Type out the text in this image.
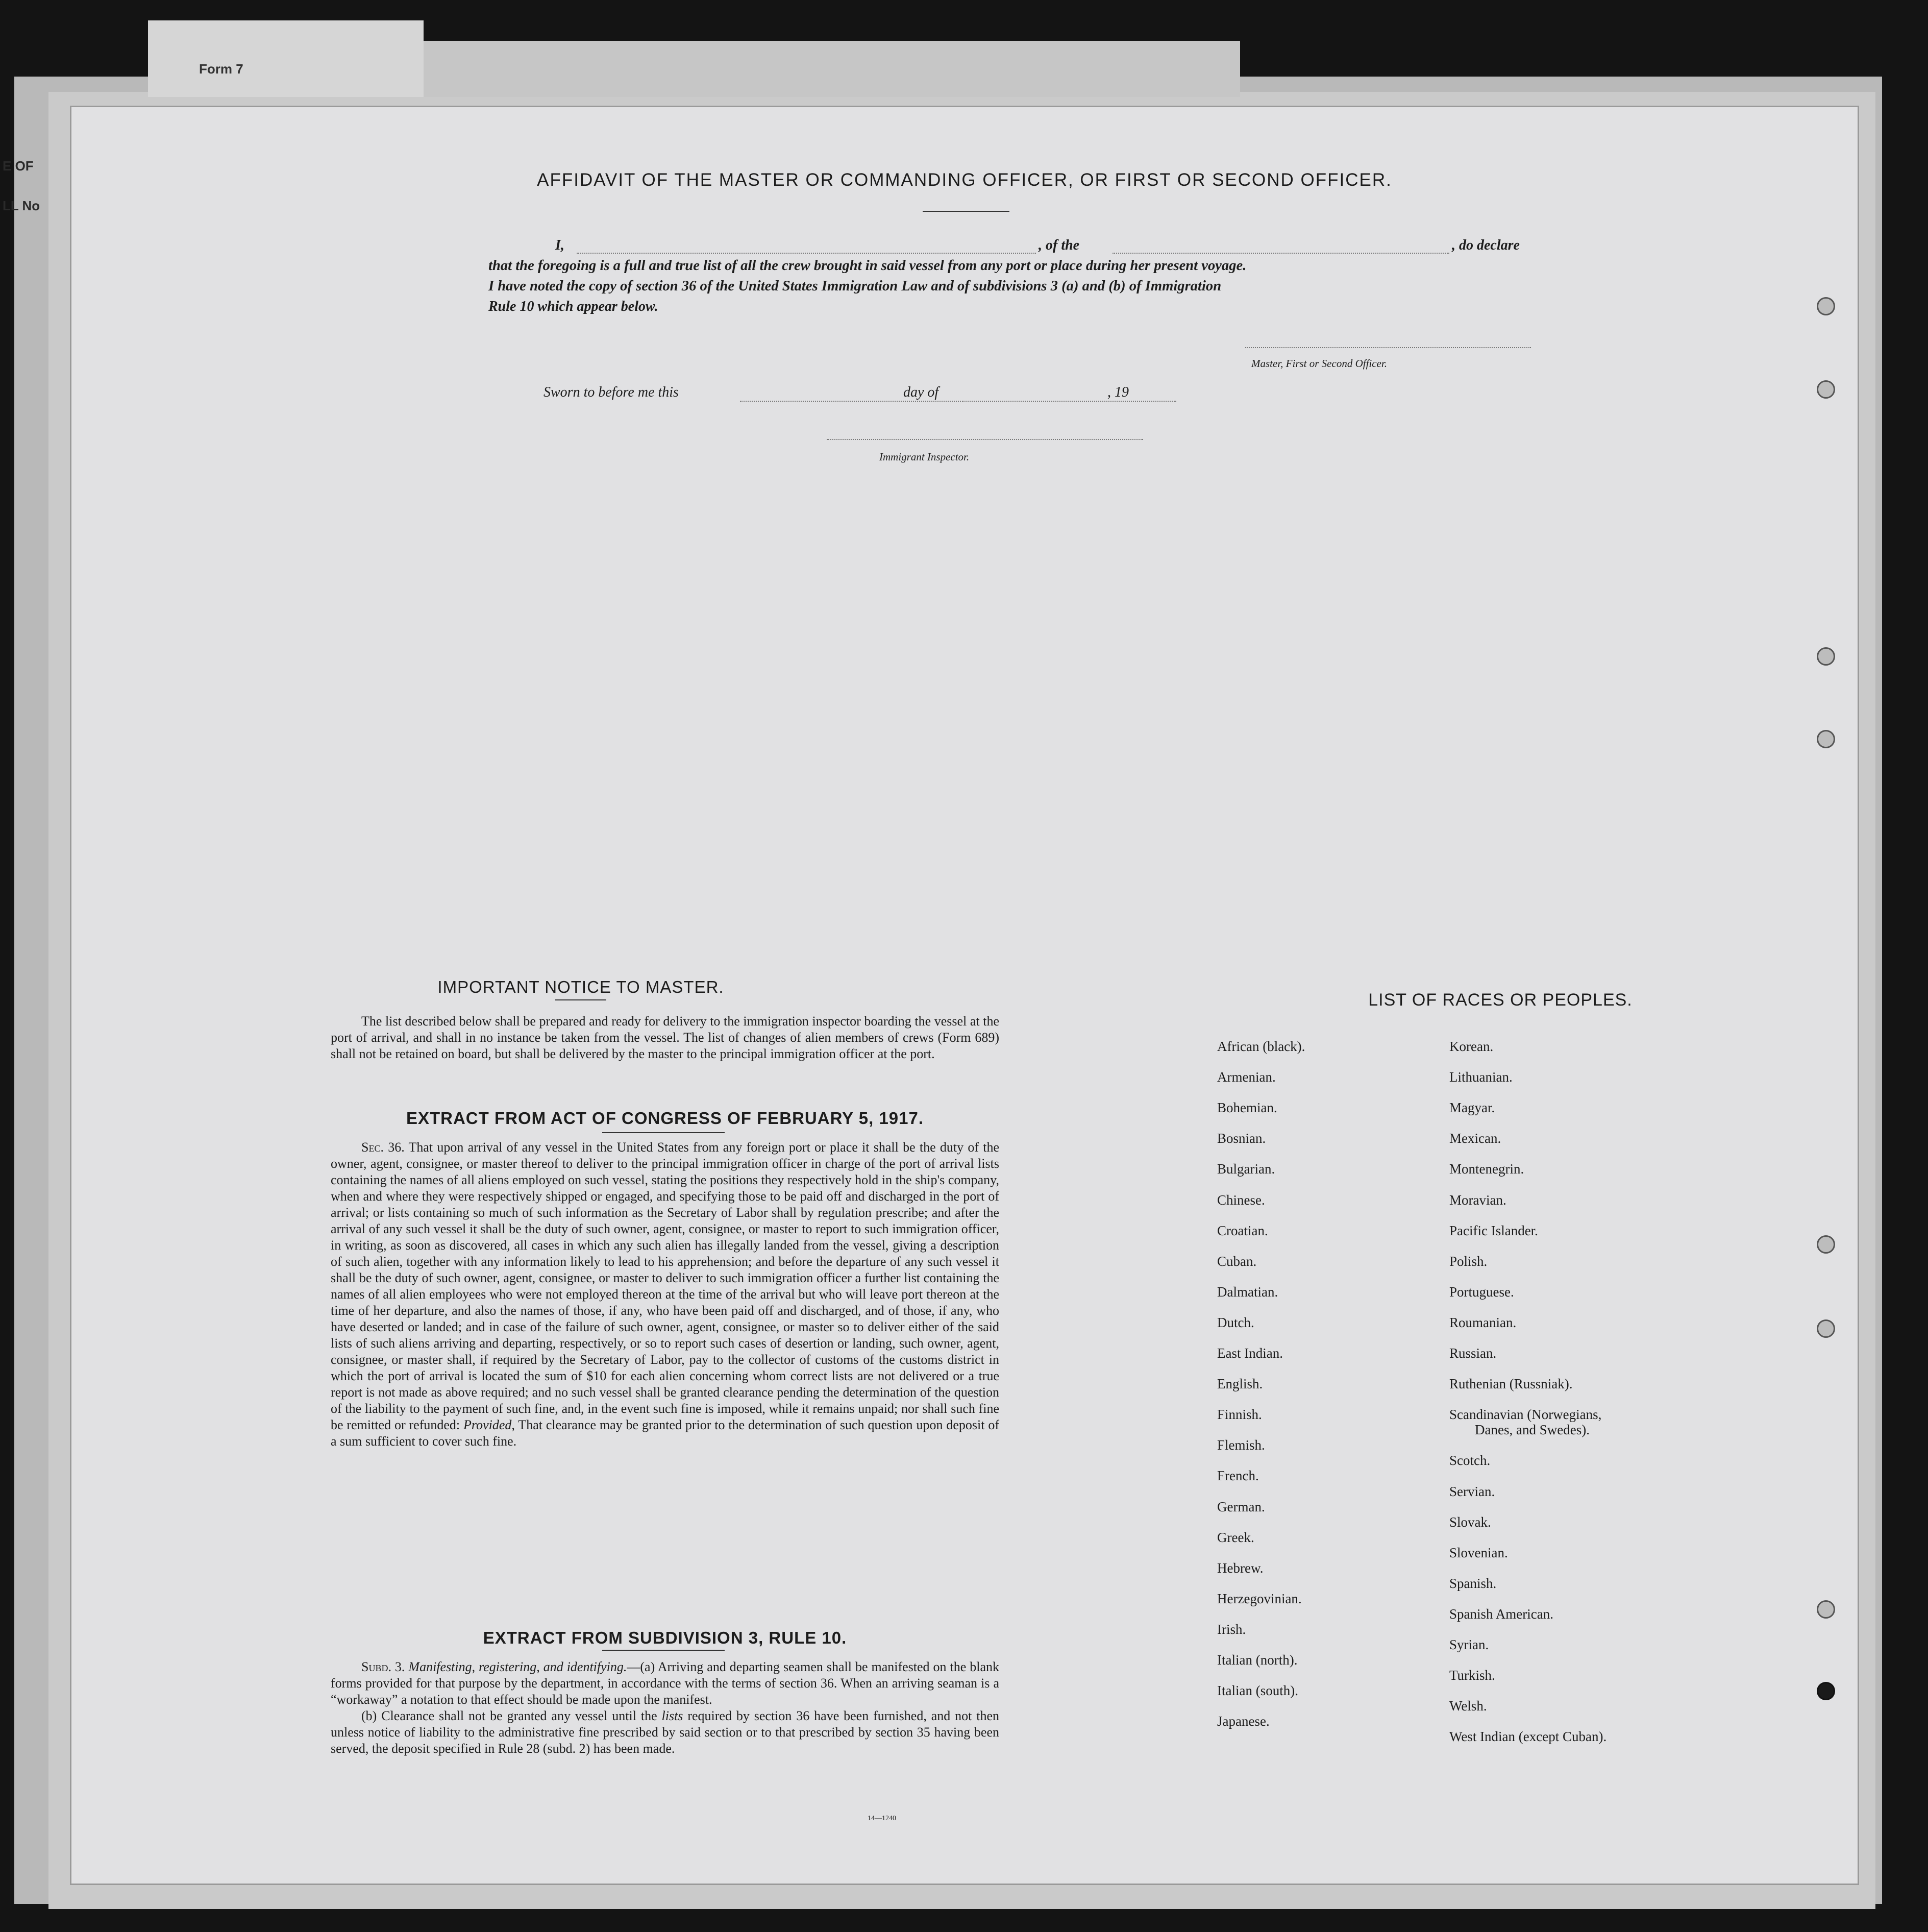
Form 7
E OF
LL No
AFFIDAVIT OF THE MASTER OR COMMANDING OFFICER, OR FIRST OR SECOND OFFICER.
I,	, of the	, do declare
that the foregoing is a full and true list of all the crew brought in said vessel from any port or place during her present voyage.
I have noted the copy of section 36 of the United States Immigration Law and of subdivisions 3 (a) and (b) of Immigration
Rule 10 which appear below.
Master, First or Second Officer.
Sworn to before me this	day of	, 19
Immigrant Inspector.
IMPORTANT NOTICE TO MASTER.

The list described below shall be prepared and ready for delivery to the immigration inspector boarding the vessel at the port of arrival, and shall in no instance be taken from the vessel. The list of changes of alien members of crews (Form 689) shall not be retained on board, but shall be delivered by the master to the principal immigration officer at the port.

EXTRACT FROM ACT OF CONGRESS OF FEBRUARY 5, 1917.

Sec. 36. That upon arrival of any vessel in the United States from any foreign port or place it shall be the duty of the owner, agent, consignee, or master thereof to deliver to the principal immigration officer in charge of the port of arrival lists containing the names of all aliens employed on such vessel, stating the positions they respectively hold in the ship's company, when and where they were respectively shipped or engaged, and specifying those to be paid off and discharged in the port of arrival; or lists containing so much of such information as the Secretary of Labor shall by regulation prescribe; and after the arrival of any such vessel it shall be the duty of such owner, agent, consignee, or master to report to such immigration officer, in writing, as soon as discovered, all cases in which any such alien has illegally landed from the vessel, giving a description of such alien, together with any information likely to lead to his apprehension; and before the departure of any such vessel it shall be the duty of such owner, agent, consignee, or master to deliver to such immigration officer a further list containing the names of all alien employees who were not employed thereon at the time of the arrival but who will leave port thereon at the time of her departure, and also the names of those, if any, who have been paid off and discharged, and of those, if any, who have deserted or landed; and in case of the failure of such owner, agent, consignee, or master so to deliver either of the said lists of such aliens arriving and departing, respectively, or so to report such cases of desertion or landing, such owner, agent, consignee, or master shall, if required by the Secretary of Labor, pay to the collector of customs of the customs district in which the port of arrival is located the sum of $10 for each alien concerning whom correct lists are not delivered or a true report is not made as above required; and no such vessel shall be granted clearance pending the determination of the question of the liability to the payment of such fine, and, in the event such fine is imposed, while it remains unpaid; nor shall such fine be remitted or refunded: Provided, That clearance may be granted prior to the determination of such question upon deposit of a sum sufficient to cover such fine.

EXTRACT FROM SUBDIVISION 3, RULE 10.

Subd. 3. Manifesting, registering, and identifying.—(a) Arriving and departing seamen shall be manifested on the blank forms provided for that purpose by the department, in accordance with the terms of section 36. When an arriving seaman is a “workaway” a notation to that effect should be made upon the manifest.

(b) Clearance shall not be granted any vessel until the lists required by section 36 have been furnished, and not then unless notice of liability to the administrative fine prescribed by said section or to that prescribed by section 35 having been served, the deposit specified in Rule 28 (subd. 2) has been made.

14—1240
LIST OF RACES OR PEOPLES.
African (black).
Armenian.
Bohemian.
Bosnian.
Bulgarian.
Chinese.
Croatian.
Cuban.
Dalmatian.
Dutch.
East Indian.
English.
Finnish.
Flemish.
French.
German.
Greek.
Hebrew.
Herzegovinian.
Irish.
Italian (north).
Italian (south).
Japanese.
Korean.
Lithuanian.
Magyar.
Mexican.
Montenegrin.
Moravian.
Pacific Islander.
Polish.
Portuguese.
Roumanian.
Russian.
Ruthenian (Russniak).
Scandinavian (Norwegians,
Danes, and Swedes).
Scotch.
Servian.
Slovak.
Slovenian.
Spanish.
Spanish American.
Syrian.
Turkish.
Welsh.
West Indian (except Cuban).
